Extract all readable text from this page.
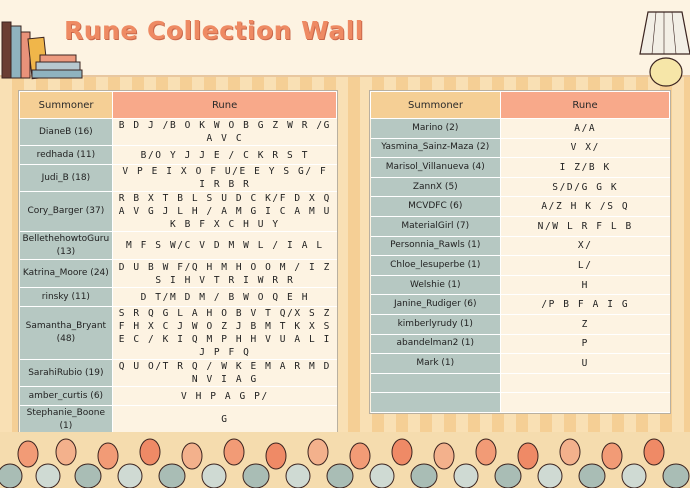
Rune Collection Wall
Summoner	Rune
DianeB (16)	B D J /B O K W O B G Z W R /G A V C
redhada (11)	B/O Y J J E / C K R S T
Judi_B (18)	V P E I X O F U/E E Y S G/ F I R B R
Cory_Barger (37)	R B X T B L S U D C K/F D X Q A V G J L H / A M G I C A M U K B F X C H U Y
BellethehowtoGuru (13)	M F S W/C V D M W L / I A L
Katrina_Moore (24)	D U B W F/Q H M H O O M / I Z S I H V T R I W R R
rinsky (11)	D T/M D M / B W O Q E H
Samantha_Bryant (48)	S R Q G L A H O B V T Q/X S Z F H X C J W O Z J B M T K X S E C / K I Q M P H H V U A L I J P F Q
SarahiRubio (19)	Q U O/T R Q / W K E M A R M D N V I A G
amber_curtis (6)	V H P A G P/
Stephanie_Boone (1)	G

Summoner	Rune
Marino (2)	A/A
Yasmina_Sainz-Maza (2)	V X/
Marisol_Villanueva (4)	I Z/B K
ZannX (5)	S/D/G G K
MCVDFC (6)	A/Z H K /S Q
MaterialGirl (7)	N/W L R F L B
Personnia_Rawls (1)	X/
Chloe_lesuperbe (1)	L/
Welshie (1)	H
Janine_Rudiger (6)	/P B F A I G
kimberlyrudy (1)	Z
abandelman2 (1)	P
Mark (1)	U
